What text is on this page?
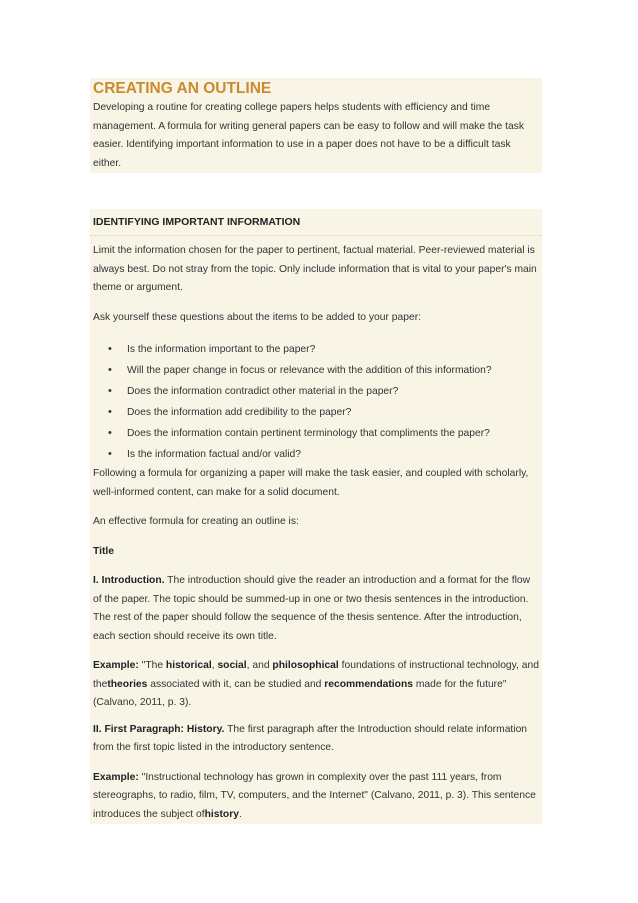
CREATING AN OUTLINE
Developing a routine for creating college papers helps students with efficiency and time management. A formula for writing general papers can be easy to follow and will make the task easier. Identifying important information to use in a paper does not have to be a difficult task either.
IDENTIFYING IMPORTANT INFORMATION
Limit the information chosen for the paper to pertinent, factual material. Peer-reviewed material is always best. Do not stray from the topic. Only include information that is vital to your paper's main theme or argument.
Ask yourself these questions about the items to be added to your paper:
• Is the information important to the paper?
• Will the paper change in focus or relevance with the addition of this information?
• Does the information contradict other material in the paper?
• Does the information add credibility to the paper?
• Does the information contain pertinent terminology that compliments the paper?
• Is the information factual and/or valid?
Following a formula for organizing a paper will make the task easier, and coupled with scholarly, well-informed content, can make for a solid document.
An effective formula for creating an outline is:
Title
I. Introduction. The introduction should give the reader an introduction and a format for the flow of the paper. The topic should be summed-up in one or two thesis sentences in the introduction. The rest of the paper should follow the sequence of the thesis sentence. After the introduction, each section should receive its own title.
Example: "The historical, social, and philosophical foundations of instructional technology, and thetheories associated with it, can be studied and recommendations made for the future" (Calvano, 2011, p. 3).
II. First Paragraph: History. The first paragraph after the Introduction should relate information from the first topic listed in the introductory sentence.
Example: "Instructional technology has grown in complexity over the past 111 years, from stereographs, to radio, film, TV, computers, and the Internet" (Calvano, 2011, p. 3). This sentence introduces the subject ofhistory.
